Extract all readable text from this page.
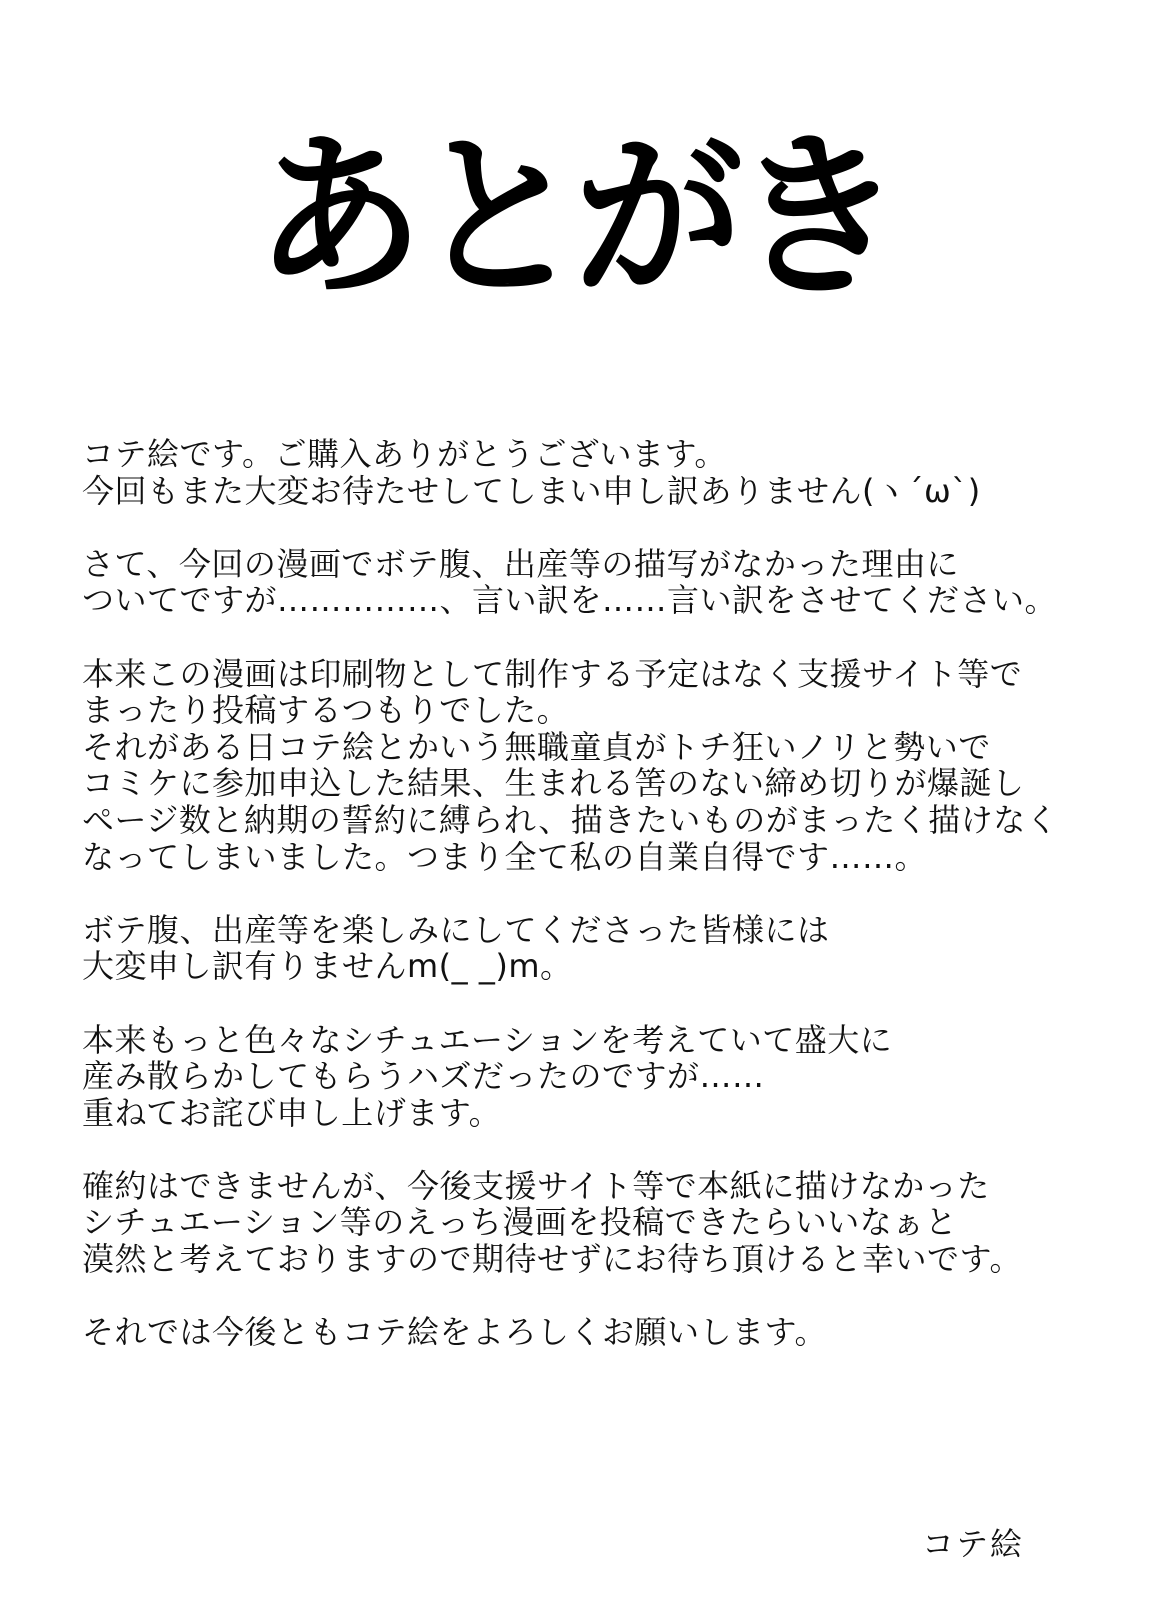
あとがき

コテ絵です。ご購入ありがとうございます。
今回もまた大変お待たせしてしまい申し訳ありません(ヽ´ω`)

さて、今回の漫画でボテ腹、出産等の描写がなかった理由に
ついてですが……………、言い訳を……言い訳をさせてください。

本来この漫画は印刷物として制作する予定はなく支援サイト等で
まったり投稿するつもりでした。
それがある日コテ絵とかいう無職童貞がトチ狂いノリと勢いで
コミケに参加申込した結果、生まれる筈のない締め切りが爆誕し
ページ数と納期の誓約に縛られ、描きたいものがまったく描けなく
なってしまいました。つまり全て私の自業自得です……。

ボテ腹、出産等を楽しみにしてくださった皆様には
大変申し訳有りませんm(_ _)m。

本来もっと色々なシチュエーションを考えていて盛大に
産み散らかしてもらうハズだったのですが……
重ねてお詫び申し上げます。

確約はできませんが、今後支援サイト等で本紙に描けなかった
シチュエーション等のえっち漫画を投稿できたらいいなぁと
漠然と考えておりますので期待せずにお待ち頂けると幸いです。

それでは今後ともコテ絵をよろしくお願いします。

コテ絵
